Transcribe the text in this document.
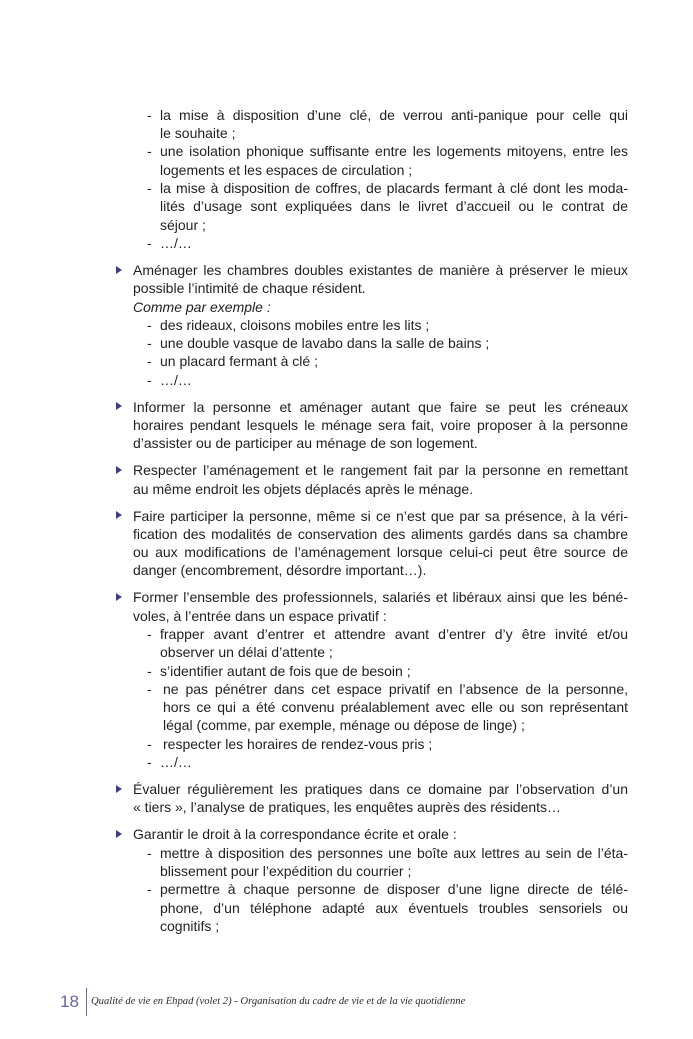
- la mise à disposition d’une clé, de verrou anti-panique pour celle qui
le souhaite ;
- une isolation phonique suffisante entre les logements mitoyens, entre les
logements et les espaces de circulation ;
- la mise à disposition de coffres, de placards fermant à clé dont les moda-
lités d’usage sont expliquées dans le livret d’accueil ou le contrat de
séjour ;
- …/…
Aménager les chambres doubles existantes de manière à préserver le mieux
possible l’intimité de chaque résident.
Comme par exemple :
- des rideaux, cloisons mobiles entre les lits ;
- une double vasque de lavabo dans la salle de bains ;
- un placard fermant à clé ;
- …/…
Informer la personne et aménager autant que faire se peut les créneaux
horaires pendant lesquels le ménage sera fait, voire proposer à la personne
d’assister ou de participer au ménage de son logement.
Respecter l’aménagement et le rangement fait par la personne en remettant
au même endroit les objets déplacés après le ménage.
Faire participer la personne, même si ce n’est que par sa présence, à la véri-
fication des modalités de conservation des aliments gardés dans sa chambre
ou aux modifications de l’aménagement lorsque celui-ci peut être source de
danger (encombrement, désordre important…).
Former l’ensemble des professionnels, salariés et libéraux ainsi que les béné-
voles, à l’entrée dans un espace privatif :
- frapper avant d’entrer et attendre avant d’entrer d’y être invité et/ou
observer un délai d’attente ;
- s’identifier autant de fois que de besoin ;
- ne pas pénétrer dans cet espace privatif en l’absence de la personne,
hors ce qui a été convenu préalablement avec elle ou son représentant
légal (comme, par exemple, ménage ou dépose de linge) ;
- respecter les horaires de rendez-vous pris ;
- …/…
Évaluer régulièrement les pratiques dans ce domaine par l’observation d’un
« tiers », l’analyse de pratiques, les enquêtes auprès des résidents…
Garantir le droit à la correspondance écrite et orale :
- mettre à disposition des personnes une boîte aux lettres au sein de l’éta-
blissement pour l’expédition du courrier ;
- permettre à chaque personne de disposer d’une ligne directe de télé-
phone, d’un téléphone adapté aux éventuels troubles sensoriels ou
cognitifs ;
18 Qualité de vie en Ehpad (volet 2) - Organisation du cadre de vie et de la vie quotidienne
